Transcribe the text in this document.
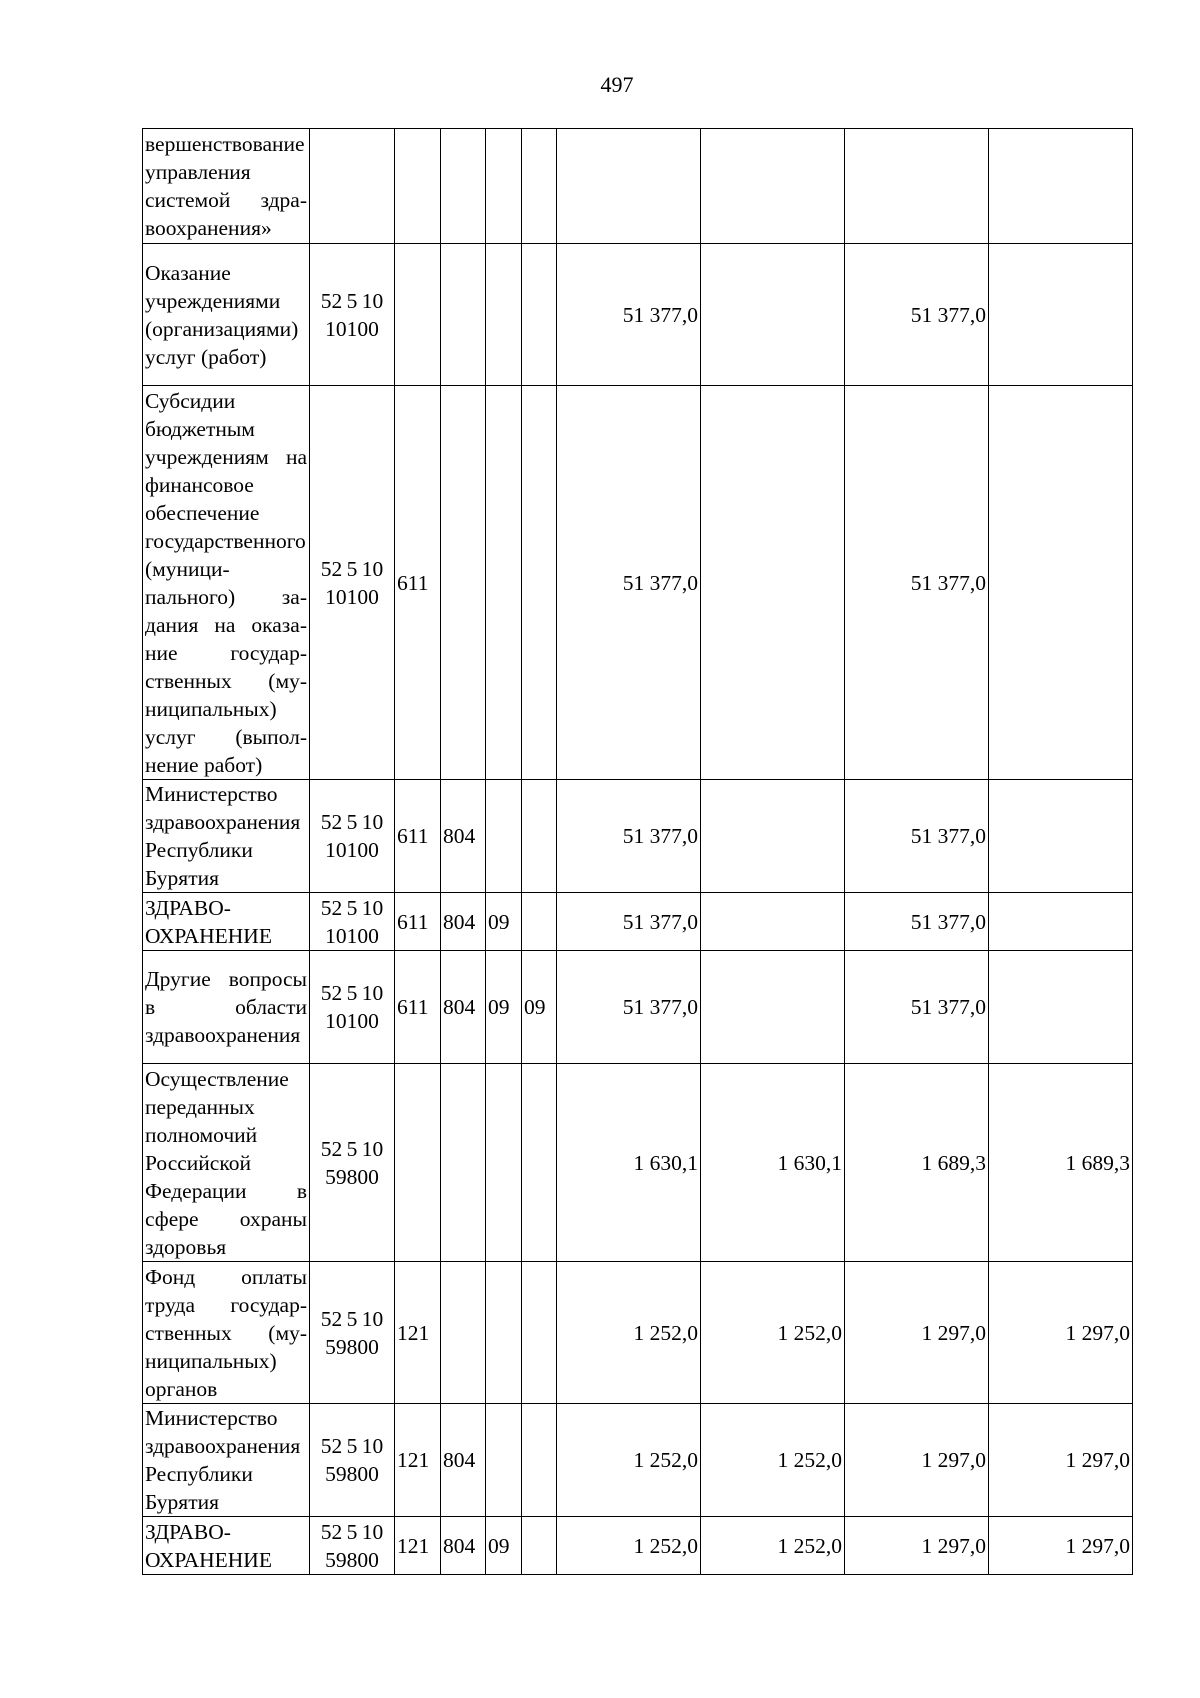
497
вершенствование управления системой здравоохранения»									
Оказание учреждениями (организациями) услуг (работ)	52 5 10 10100					51 377,0		51 377,0	
Субсидии бюджетным учреждениям на финансовое обеспечение государственного (муниципального) задания на оказание государственных (муниципальных) услуг (выполнение работ)	52 5 10 10100	611				51 377,0		51 377,0	
Министерство здравоохранения Республики Бурятия	52 5 10 10100	611	804			51 377,0		51 377,0	
ЗДРАВООХРАНЕНИЕ	52 5 10 10100	611	804	09		51 377,0		51 377,0	
Другие вопросы в области здравоохранения	52 5 10 10100	611	804	09	09	51 377,0		51 377,0	
Осуществление переданных полномочий Российской Федерации в сфере охраны здоровья	52 5 10 59800					1 630,1	1 630,1	1 689,3	1 689,3
Фонд оплаты труда государственных (муниципальных) органов	52 5 10 59800	121				1 252,0	1 252,0	1 297,0	1 297,0
Министерство здравоохранения Республики Бурятия	52 5 10 59800	121	804			1 252,0	1 252,0	1 297,0	1 297,0
ЗДРАВООХРАНЕНИЕ	52 5 10 59800	121	804	09		1 252,0	1 252,0	1 297,0	1 297,0
